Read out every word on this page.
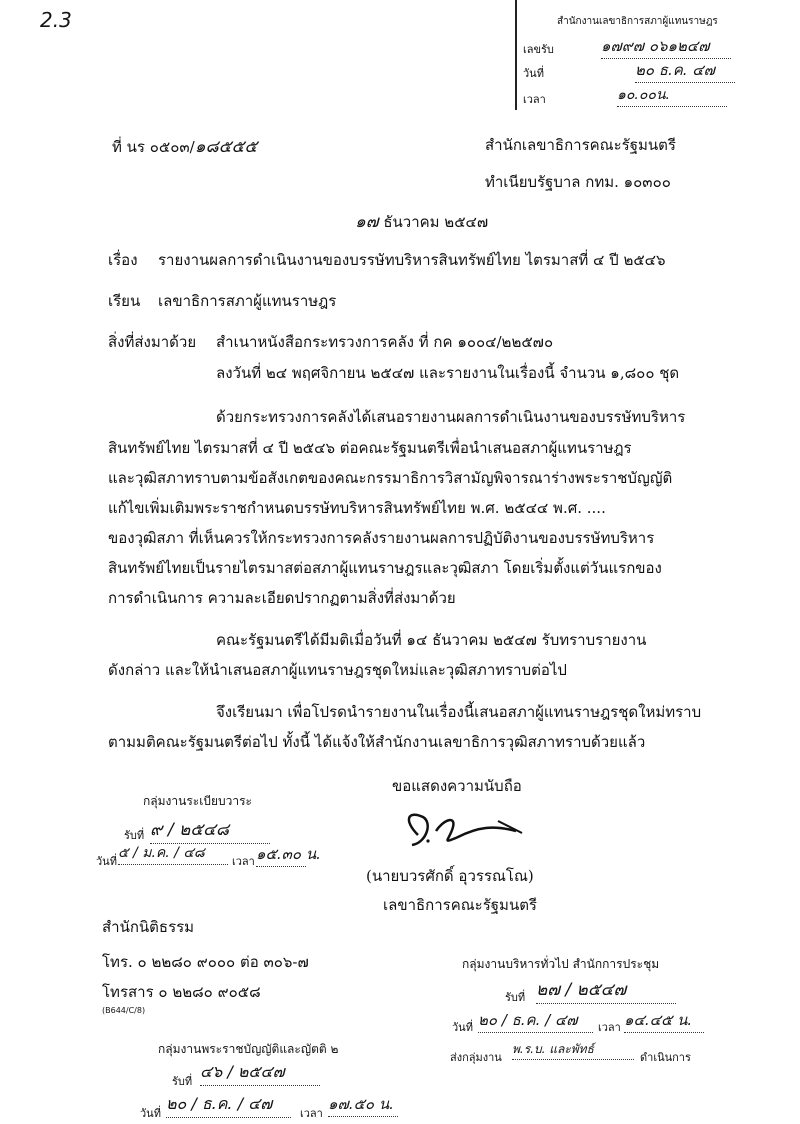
2.3	สำนักงานเลขาธิการสภาผู้แทนราษฎร
เลขรับ	๑๗๙๗ ๐๖๑๒๔๗
วันที่	๒๐ ธ.ค. ๔๗
เวลา	๑๐.๐๐น.
ที่ นร ๐๕๐๓/๑๘๕๕๕	สำนักเลขาธิการคณะรัฐมนตรี
ทำเนียบรัฐบาล กทม. ๑๐๓๐๐
๑๗ ธันวาคม ๒๕๔๗
เรื่อง รายงานผลการดำเนินงานของบรรษัทบริหารสินทรัพย์ไทย ไตรมาสที่ ๔ ปี ๒๕๔๖
เรียน เลขาธิการสภาผู้แทนราษฎร
สิ่งที่ส่งมาด้วย สำเนาหนังสือกระทรวงการคลัง ที่ กค ๑๐๐๔/๒๒๕๗๐
ลงวันที่ ๒๔ พฤศจิกายน ๒๕๔๗ และรายงานในเรื่องนี้ จำนวน ๑,๘๐๐ ชุด
ด้วยกระทรวงการคลังได้เสนอรายงานผลการดำเนินงานของบรรษัทบริหาร
สินทรัพย์ไทย ไตรมาสที่ ๔ ปี ๒๕๔๖ ต่อคณะรัฐมนตรีเพื่อนำเสนอสภาผู้แทนราษฎร
และวุฒิสภาทราบตามข้อสังเกตของคณะกรรมาธิการวิสามัญพิจารณาร่างพระราชบัญญัติ
แก้ไขเพิ่มเติมพระราชกำหนดบรรษัทบริหารสินทรัพย์ไทย พ.ศ. ๒๕๔๔ พ.ศ. ....
ของวุฒิสภา ที่เห็นควรให้กระทรวงการคลังรายงานผลการปฏิบัติงานของบรรษัทบริหาร
สินทรัพย์ไทยเป็นรายไตรมาสต่อสภาผู้แทนราษฎรและวุฒิสภา โดยเริ่มตั้งแต่วันแรกของ
การดำเนินการ ความละเอียดปรากฏตามสิ่งที่ส่งมาด้วย
คณะรัฐมนตรีได้มีมติเมื่อวันที่ ๑๔ ธันวาคม ๒๕๔๗ รับทราบรายงาน
ดังกล่าว และให้นำเสนอสภาผู้แทนราษฎรชุดใหม่และวุฒิสภาทราบต่อไป
จึงเรียนมา เพื่อโปรดนำรายงานในเรื่องนี้เสนอสภาผู้แทนราษฎรชุดใหม่ทราบ
ตามมติคณะรัฐมนตรีต่อไป ทั้งนี้ ได้แจ้งให้สำนักงานเลขาธิการวุฒิสภาทราบด้วยแล้ว
ขอแสดงความนับถือ
กลุ่มงานระเบียบวาระ
รับที่ ๙ / ๒๕๔๘
วันที่
๕ / ม.ค. / ๔๘
เวลา ๑๕.๓๐ น.
(นายบวรศักดิ์ อุวรรณโณ)
เลขาธิการคณะรัฐมนตรี
สำนักนิติธรรม
โทร. ๐ ๒๒๘๐ ๙๐๐๐ ต่อ ๓๐๖-๗
โทรสาร ๐ ๒๒๘๐ ๙๐๕๘
(B644/C/8)
กลุ่มงานบริหารทั่วไป สำนักการประชุม
รับที่ ๒๗ / ๒๕๔๗
วันที่ ๒๐ / ธ.ค. / ๔๗	เวลา ๑๔.๔๕ น.
ส่งกลุ่มงาน
พ.ร.บ. และพัทธ์
ดำเนินการ
กลุ่มงานพระราชบัญญัติและญัตติ ๒
รับที่
๔๖ / ๒๕๔๗
วันที่
๒๐ / ธ.ค. / ๔๗
เวลา
๑๗.๕๐ น.
